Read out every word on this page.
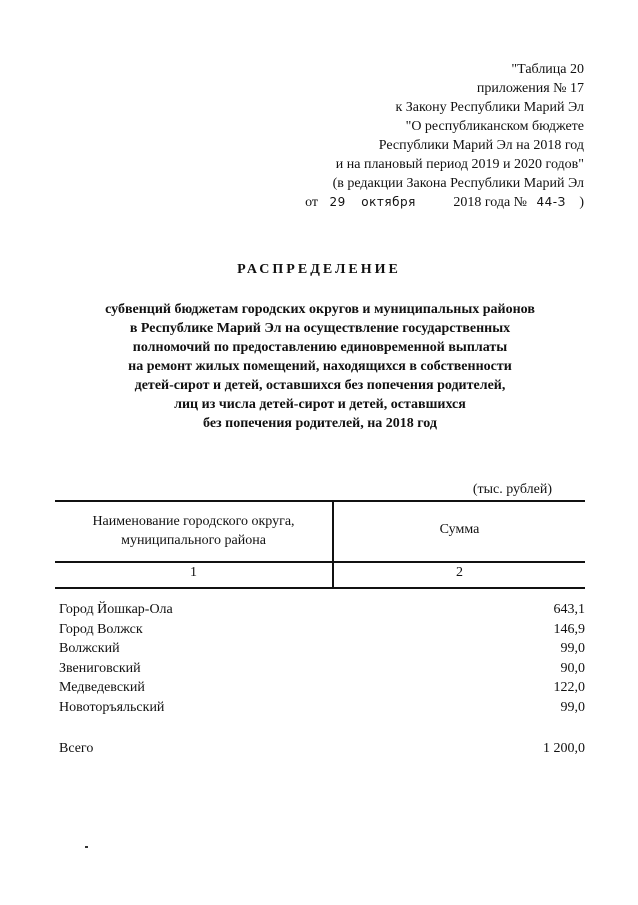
"Таблица 20
приложения № 17
к Закону Республики Марий Эл
"О республиканском бюджете
Республики Марий Эл на 2018 год
и на плановый период 2019 и 2020 годов"
(в редакции Закона Республики Марий Эл
от 29 октября	2018 года № 44-З )
РАСПРЕДЕЛЕНИЕ
субвенций бюджетам городских округов и муниципальных районов
в Республике Марий Эл на осуществление государственных
полномочий по предоставлению единовременной выплаты
на ремонт жилых помещений, находящихся в собственности
детей-сирот и детей, оставшихся без попечения родителей,
лиц из числа детей-сирот и детей, оставшихся
без попечения родителей, на 2018 год
(тыс. рублей)
Наименование городского округа,
муниципального района
Сумма
1	2
Город Йошкар-Ола	643,1
Город Волжск	146,9
Волжский	99,0
Звениговский	90,0
Медведевский	122,0
Новоторъяльский	99,0
Всего	1 200,0
